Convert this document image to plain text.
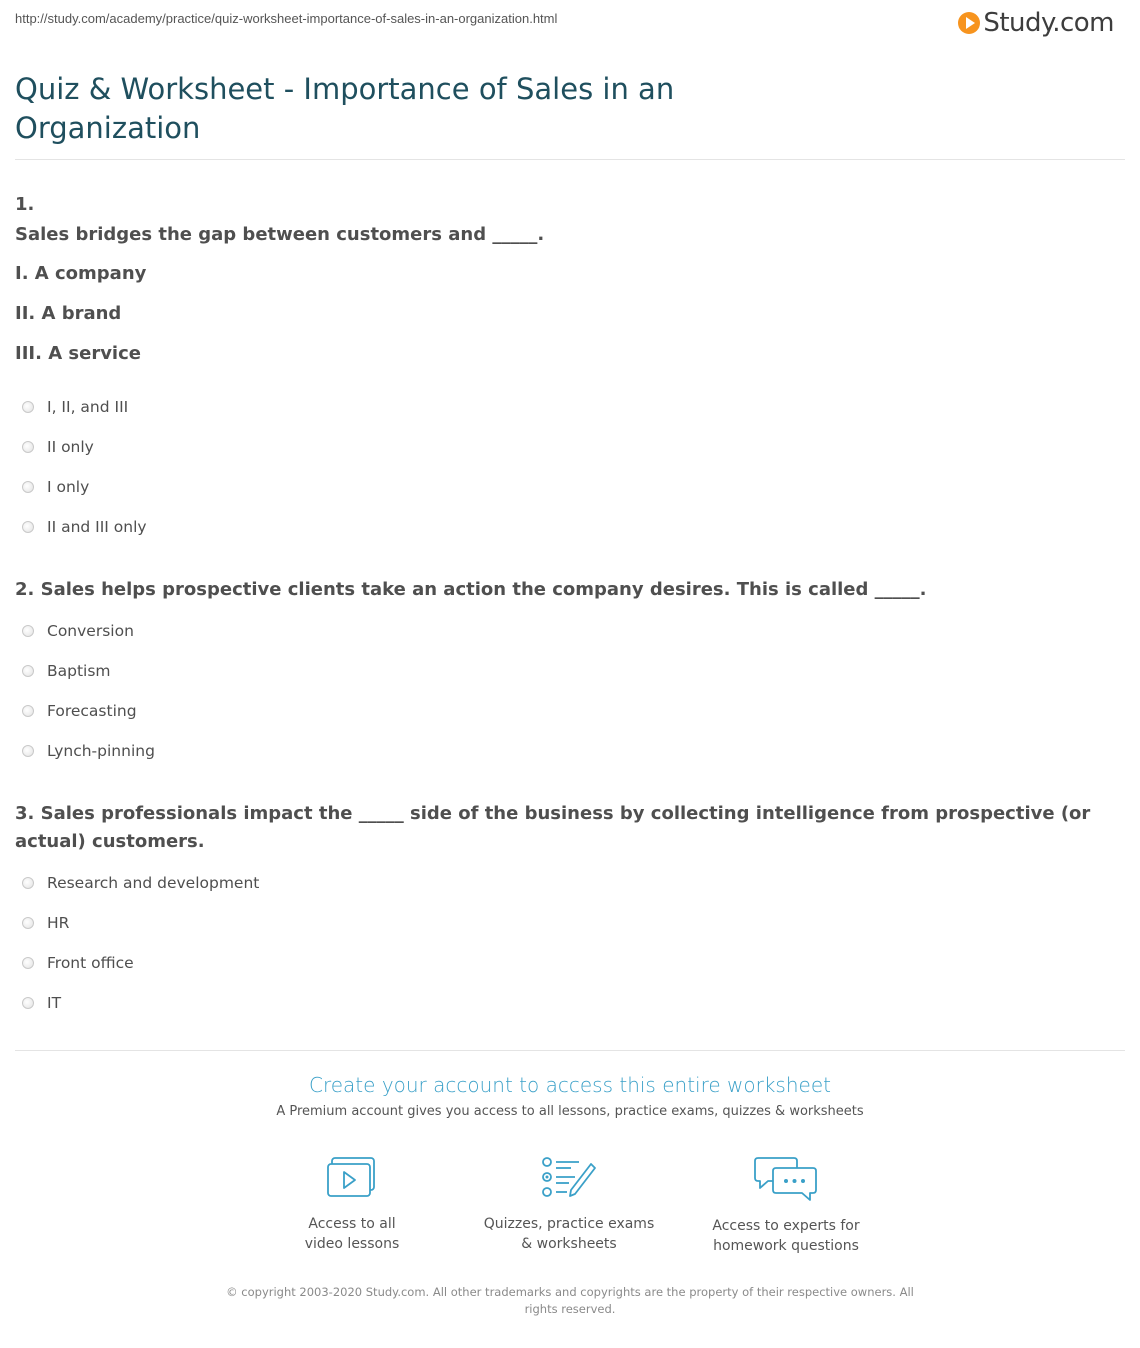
http://study.com/academy/practice/quiz-worksheet-importance-of-sales-in-an-organization.html	Study.com
Quiz & Worksheet - Importance of Sales in an Organization
1.
Sales bridges the gap between customers and _____.
I. A company
II. A brand
III. A service
I, II, and III
II only
I only
II and III only
2. Sales helps prospective clients take an action the company desires. This is called _____.
Conversion
Baptism
Forecasting
Lynch-pinning
3. Sales professionals impact the _____ side of the business by collecting intelligence from prospective (or actual) customers.
Research and development
HR
Front office
IT
Create your account to access this entire worksheet
A Premium account gives you access to all lessons, practice exams, quizzes & worksheets
Access to all
video lessons
Quizzes, practice exams
& worksheets
Access to experts for
homework questions
© copyright 2003-2020 Study.com. All other trademarks and copyrights are the property of their respective owners. All rights reserved.
